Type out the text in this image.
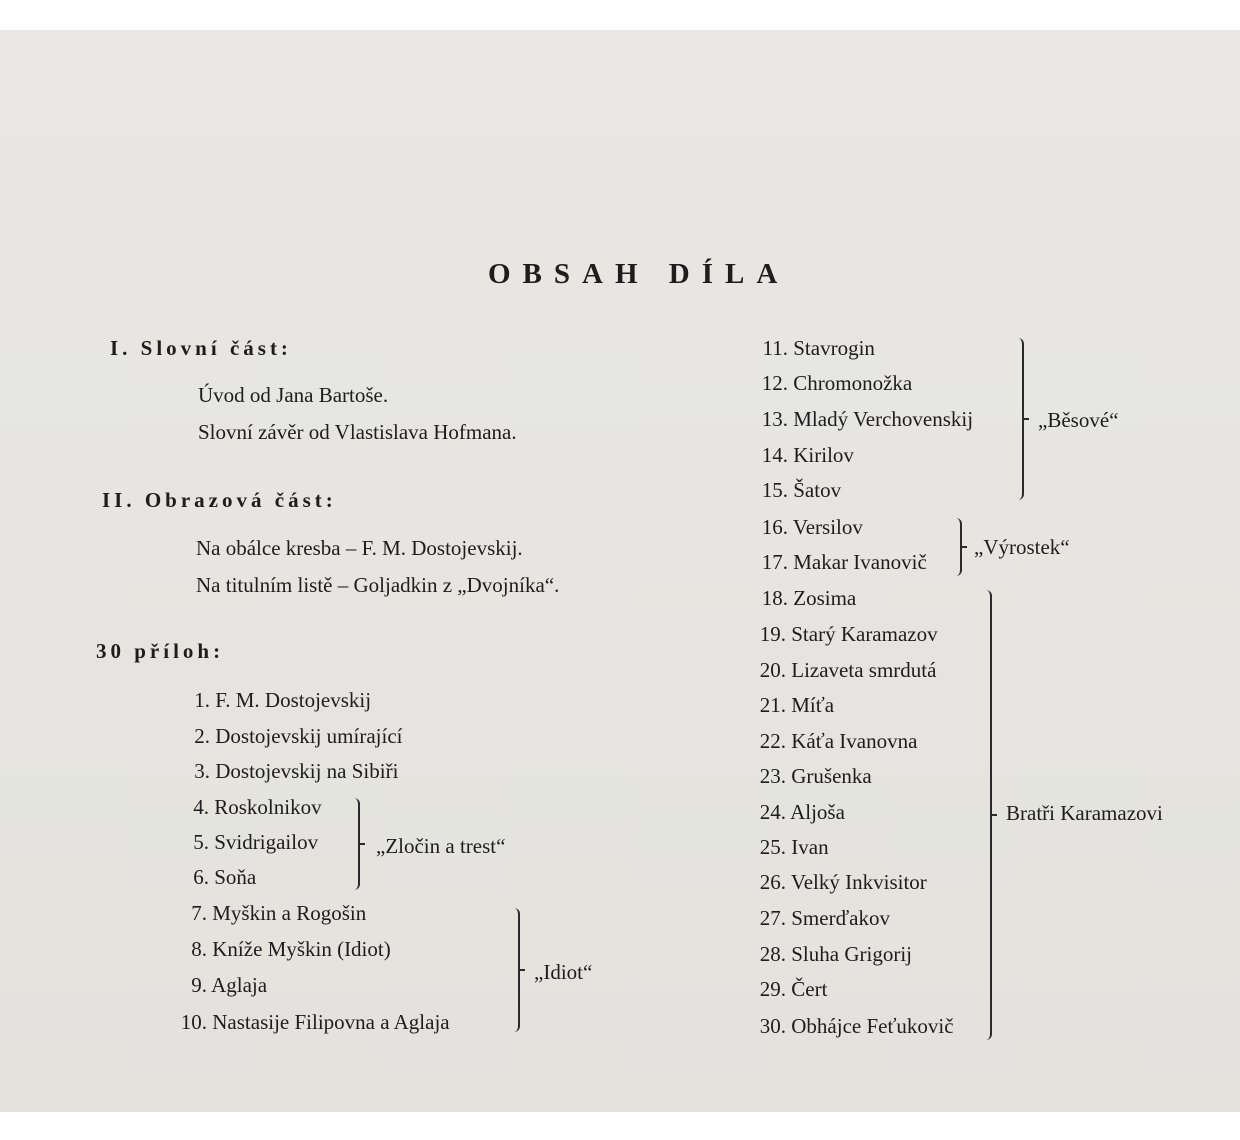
OBSAH DÍLA
I. Slovní část:
Úvod od Jana Bartoše.
Slovní závěr od Vlastislava Hofmana.
II. Obrazová část:
Na obálce kresba – F. M. Dostojevskij.
Na titulním listě – Goljadkin z „Dvojníka“.
30 příloh:
1. F. M. Dostojevskij
2. Dostojevskij umírající
3. Dostojevskij na Sibiři
4. Roskolnikov
5. Svidrigailov
6. Soňa
7. Myškin a Rogošin
8. Kníže Myškin (Idiot)
9. Aglaja
10. Nastasije Filipovna a Aglaja
„Zločin a trest“
„Idiot“
11. Stavrogin
12. Chromonožka
13. Mladý Verchovenskij
14. Kirilov
15. Šatov
16. Versilov
17. Makar Ivanovič
18. Zosima
19. Starý Karamazov
20. Lizaveta smrdutá
21. Míťa
22. Káťa Ivanovna
23. Grušenka
24. Aljoša
25. Ivan
26. Velký Inkvisitor
27. Smerďakov
28. Sluha Grigorij
29. Čert
30. Obhájce Feťukovič
„Běsové“
„Výrostek“
Bratři Karamazovi
